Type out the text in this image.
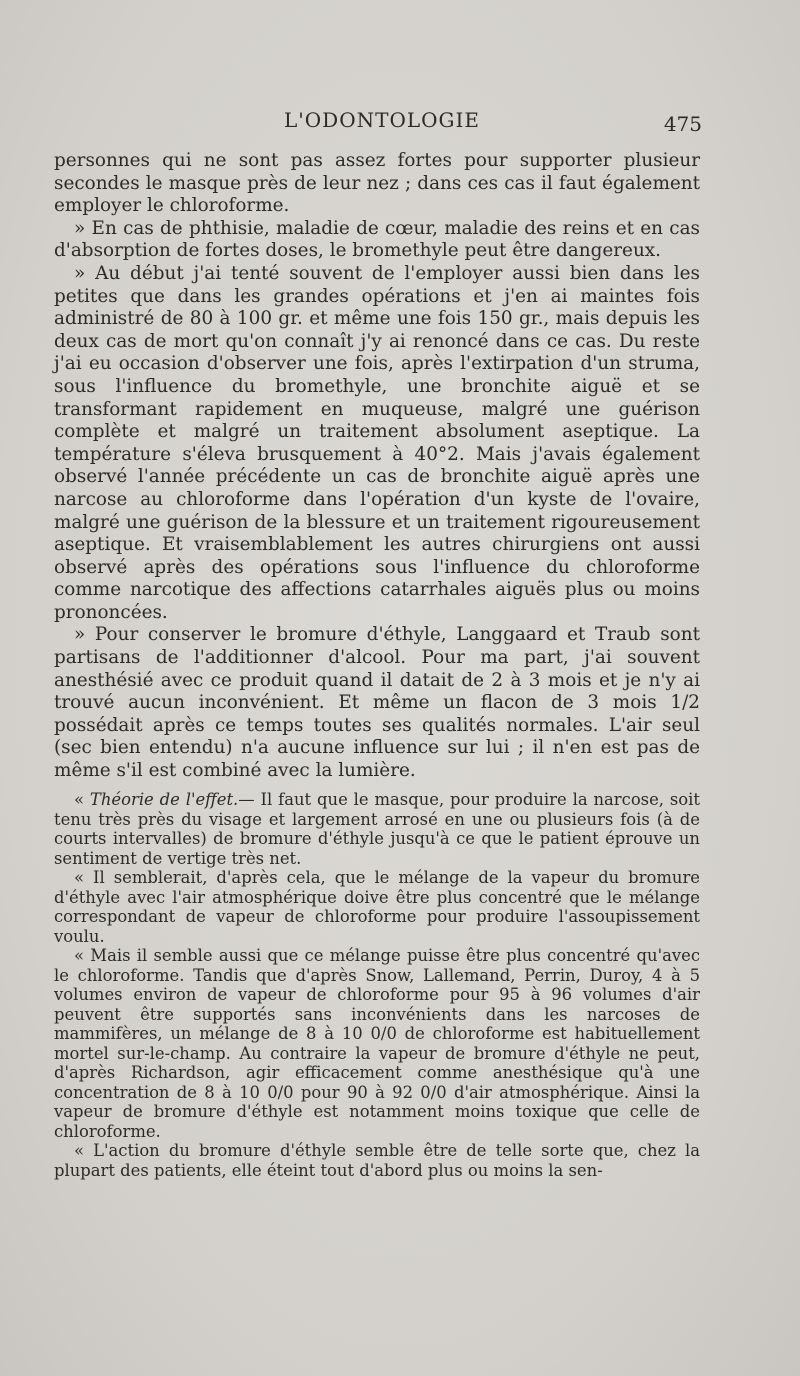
L'ODONTOLOGIE	475

personnes qui ne sont pas assez fortes pour supporter plusieur secondes le masque près de leur nez ; dans ces cas il faut également employer le chloroforme.

» En cas de phthisie, maladie de cœur, maladie des reins et en cas d'absorption de fortes doses, le bromethyle peut être dangereux.

» Au début j'ai tenté souvent de l'employer aussi bien dans les petites que dans les grandes opérations et j'en ai maintes fois administré de 80 à 100 gr. et même une fois 150 gr., mais depuis les deux cas de mort qu'on connaît j'y ai renoncé dans ce cas. Du reste j'ai eu occasion d'observer une fois, après l'extirpation d'un struma, sous l'influence du bromethyle, une bronchite aiguë et se transformant rapidement en muqueuse, malgré une guérison complète et malgré un traitement absolument aseptique. La température s'éleva brusquement à 40°2. Mais j'avais également observé l'année précédente un cas de bronchite aiguë après une narcose au chloroforme dans l'opération d'un kyste de l'ovaire, malgré une guérison de la blessure et un traitement rigoureusement aseptique. Et vraisemblablement les autres chirurgiens ont aussi observé après des opérations sous l'influence du chloroforme comme narcotique des affections catarrhales aiguës plus ou moins prononcées.

» Pour conserver le bromure d'éthyle, Langgaard et Traub sont partisans de l'additionner d'alcool. Pour ma part, j'ai souvent anesthésié avec ce produit quand il datait de 2 à 3 mois et je n'y ai trouvé aucun inconvénient. Et même un flacon de 3 mois 1/2 possédait après ce temps toutes ses qualités normales. L'air seul (sec bien entendu) n'a aucune influence sur lui ; il n'en est pas de même s'il est combiné avec la lumière.

« Théorie de l'effet.— Il faut que le masque, pour produire la narcose, soit tenu très près du visage et largement arrosé en une ou plusieurs fois (à de courts intervalles) de bromure d'éthyle jusqu'à ce que le patient éprouve un sentiment de vertige très net.

« Il semblerait, d'après cela, que le mélange de la vapeur du bromure d'éthyle avec l'air atmosphérique doive être plus concentré que le mélange correspondant de vapeur de chloroforme pour produire l'assoupissement voulu.

« Mais il semble aussi que ce mélange puisse être plus concentré qu'avec le chloroforme. Tandis que d'après Snow, Lallemand, Perrin, Duroy, 4 à 5 volumes environ de vapeur de chloroforme pour 95 à 96 volumes d'air peuvent être supportés sans inconvénients dans les narcoses de mammifères, un mélange de 8 à 10 0/0 de chloroforme est habituellement mortel sur-le-champ. Au contraire la vapeur de bromure d'éthyle ne peut, d'après Richardson, agir efficacement comme anesthésique qu'à une concentration de 8 à 10 0/0 pour 90 à 92 0/0 d'air atmosphérique. Ainsi la vapeur de bromure d'éthyle est notamment moins toxique que celle de chloroforme.

« L'action du bromure d'éthyle semble être de telle sorte que, chez la plupart des patients, elle éteint tout d'abord plus ou moins la sen-
